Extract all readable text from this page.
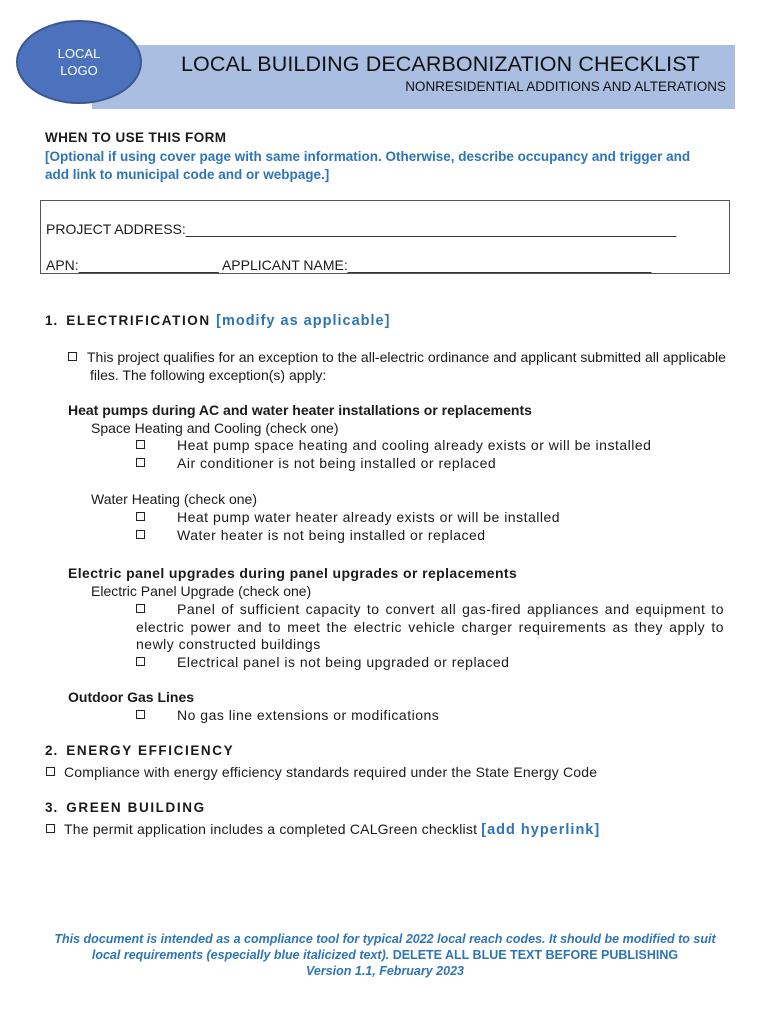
LOCAL
LOGO	LOCAL BUILDING DECARBONIZATION CHECKLIST
NONRESIDENTIAL ADDITIONS AND ALTERATIONS
WHEN TO USE THIS FORM
[Optional if using cover page with same information. Otherwise, describe occupancy and trigger and add link to municipal code and or webpage.]
PROJECT ADDRESS:_______________________________________________________________
APN:__________________ APPLICANT NAME:_______________________________________
1. ELECTRIFICATION [modify as applicable]
This project qualifies for an exception to the all-electric ordinance and applicant submitted all applicable files. The following exception(s) apply:
Heat pumps during AC and water heater installations or replacements
Space Heating and Cooling (check one)
Heat pump space heating and cooling already exists or will be installed
Air conditioner is not being installed or replaced
Water Heating (check one)
Heat pump water heater already exists or will be installed
Water heater is not being installed or replaced
Electric panel upgrades during panel upgrades or replacements
Electric Panel Upgrade (check one)
Panel of sufficient capacity to convert all gas-fired appliances and equipment to electric power and to meet the electric vehicle charger requirements as they apply to newly constructed buildings
Electrical panel is not being upgraded or replaced
Outdoor Gas Lines
No gas line extensions or modifications
2. ENERGY EFFICIENCY
Compliance with energy efficiency standards required under the State Energy Code
3. GREEN BUILDING
The permit application includes a completed CALGreen checklist [add hyperlink]
This document is intended as a compliance tool for typical 2022 local reach codes. It should be modified to suit local requirements (especially blue italicized text). DELETE ALL BLUE TEXT BEFORE PUBLISHING
Version 1.1, February 2023
